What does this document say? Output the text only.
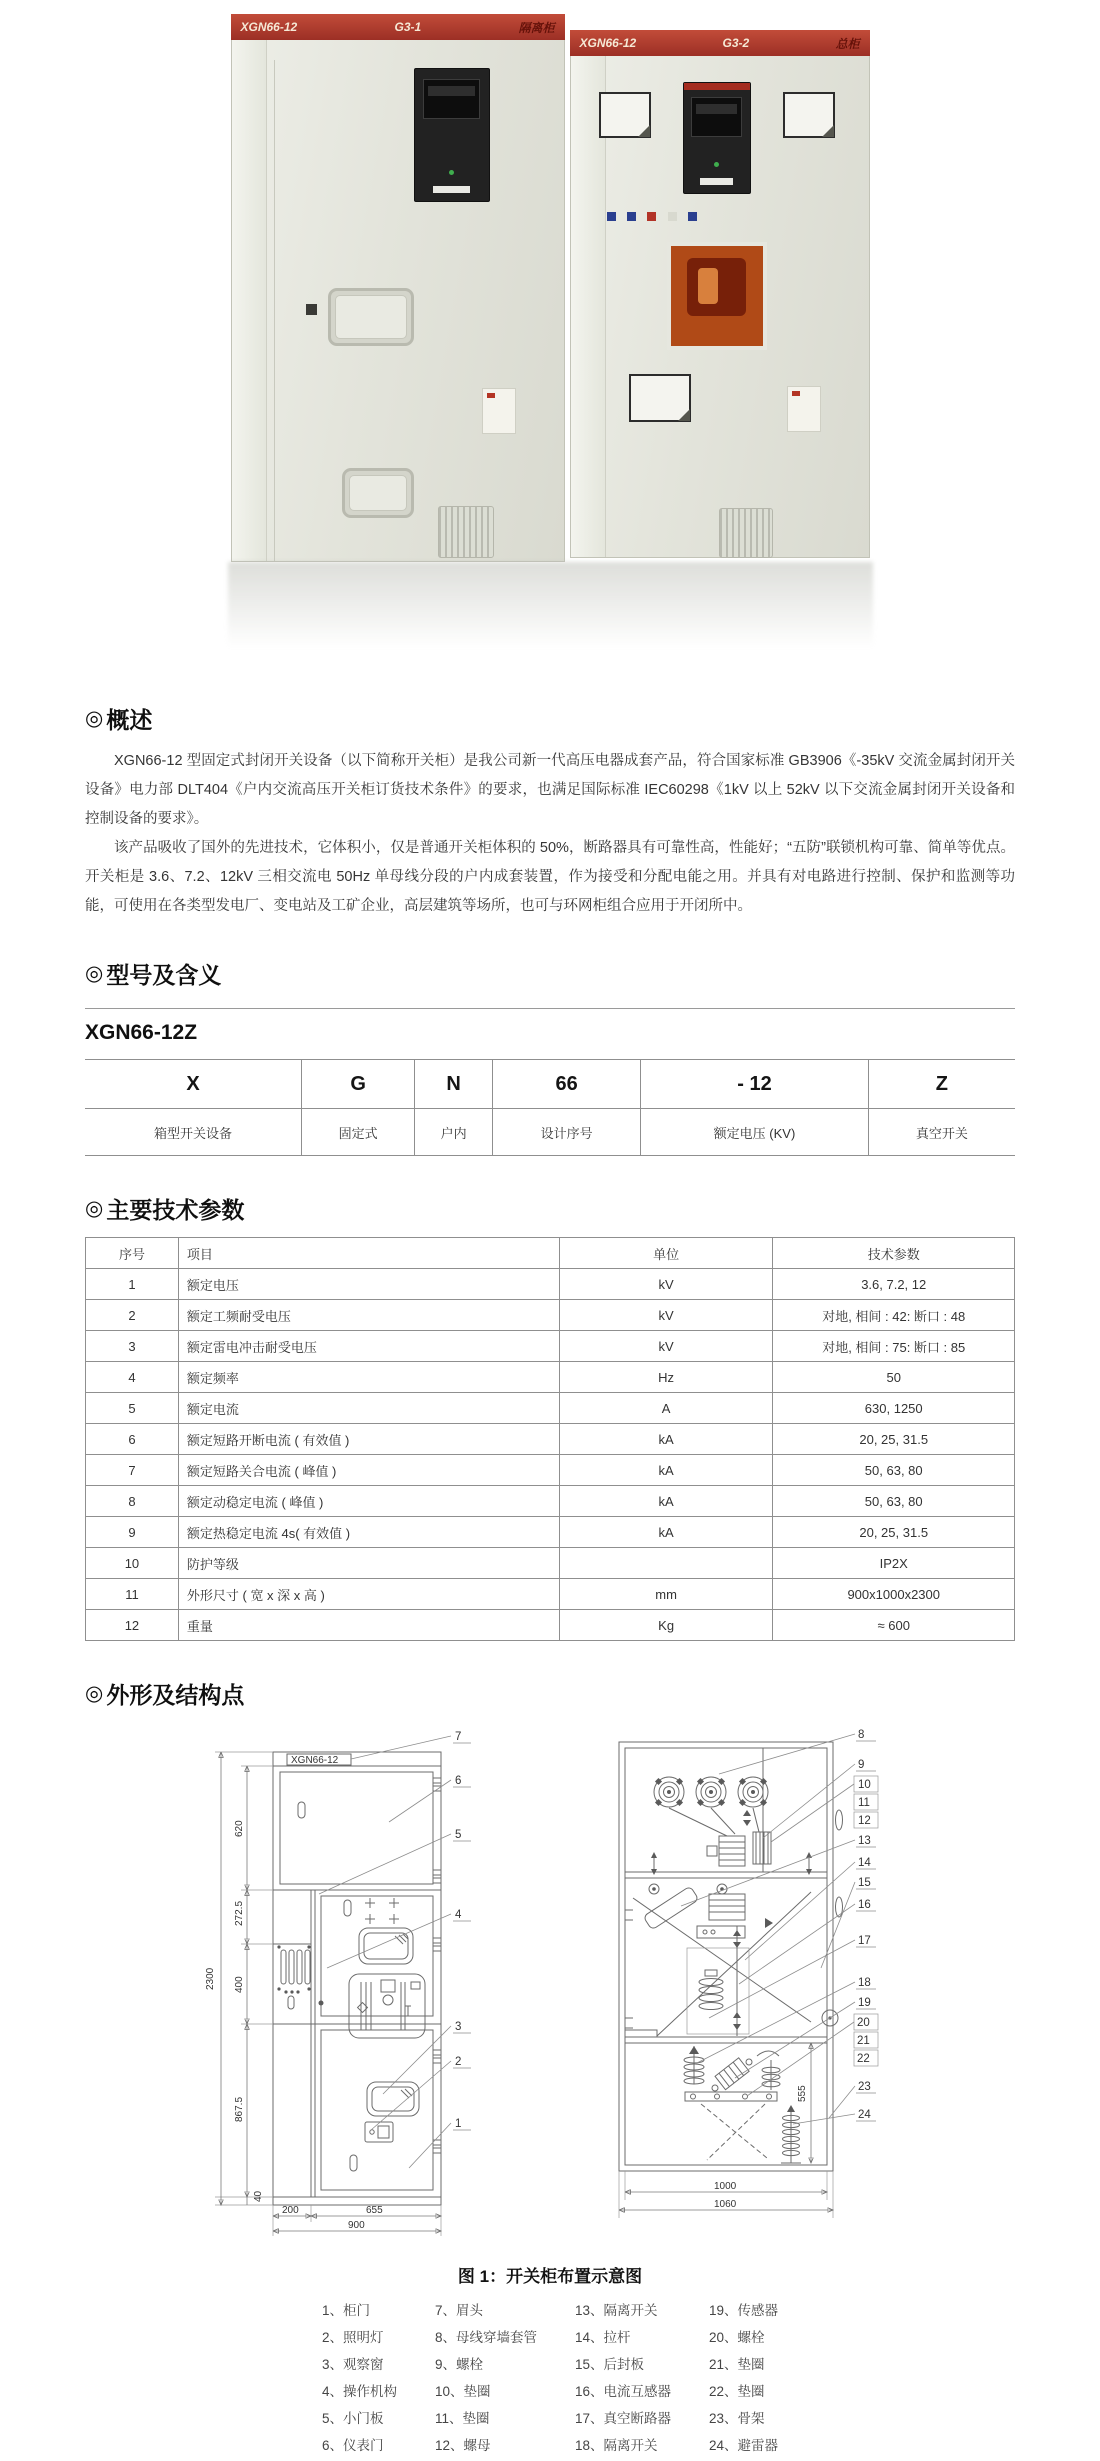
XGN66-12	G3-1	隔离柜
XGN66-12	G3-2	总柜

◎ 概述

XGN66-12 型固定式封闭开关设备（以下简称开关柜）是我公司新一代高压电器成套产品，符合国家标准 GB3906《-35kV 交流金属封闭开关设备》电力部 DLT404《户内交流高压开关柜订货技术条件》的要求，也满足国际标准 IEC60298《1kV 以上 52kV 以下交流金属封闭开关设备和控制设备的要求》。

该产品吸收了国外的先进技术，它体积小，仅是普通开关柜体积的 50%，断路器具有可靠性高，性能好；“五防”联锁机构可靠、简单等优点。开关柜是 3.6、7.2、12kV 三相交流电 50Hz 单母线分段的户内成套装置，作为接受和分配电能之用。并具有对电路进行控制、保护和监测等功能，可使用在各类型发电厂、变电站及工矿企业，高层建筑等场所，也可与环网柜组合应用于开闭所中。

◎ 型号及含义
XGN66-12Z
X	G	N	66	- 12	Z
箱型开关设备	固定式	户内	设计序号	额定电压 (KV)	真空开关
◎ 主要技术参数
序号	项目	单位	技术参数
1	额定电压	kV	3.6, 7.2, 12
2	额定工频耐受电压	kV	对地, 相间 : 42: 断口 : 48
3	额定雷电冲击耐受电压	kV	对地, 相间 : 75: 断口 : 85
4	额定频率	Hz	50
5	额定电流	A	630, 1250
6	额定短路开断电流 ( 有效值 )	kA	20, 25, 31.5
7	额定短路关合电流 ( 峰值 )	kA	50, 63, 80
8	额定动稳定电流 ( 峰值 )	kA	50, 63, 80
9	额定热稳定电流 4s( 有效值 )	kA	20, 25, 31.5
10	防护等级		IP2X
11	外形尺寸 ( 宽 x 深 x 高 )	mm	900x1000x2300
12	重量	Kg	≈ 600
◎ 外形及结构点
XGN66-12
2300
620
272.5
400
867.5
40
200	655
900
7
6
5
4
3
2
1
555
1000
1060
8
9
10
11
12
13
14
15
16
17
18
19
20
21
22
23
24
图 1：开关柜布置示意图
1、柜门
2、照明灯
3、观察窗
4、操作机构
5、小门板
6、仪表门
7、眉头
8、母线穿墙套管
9、螺栓
10、垫圈
11、垫圈
12、螺母
13、隔离开关
14、拉杆
15、后封板
16、电流互感器
17、真空断路器
18、隔离开关
19、传感器
20、螺栓
21、垫圈
22、垫圈
23、骨架
24、避雷器
